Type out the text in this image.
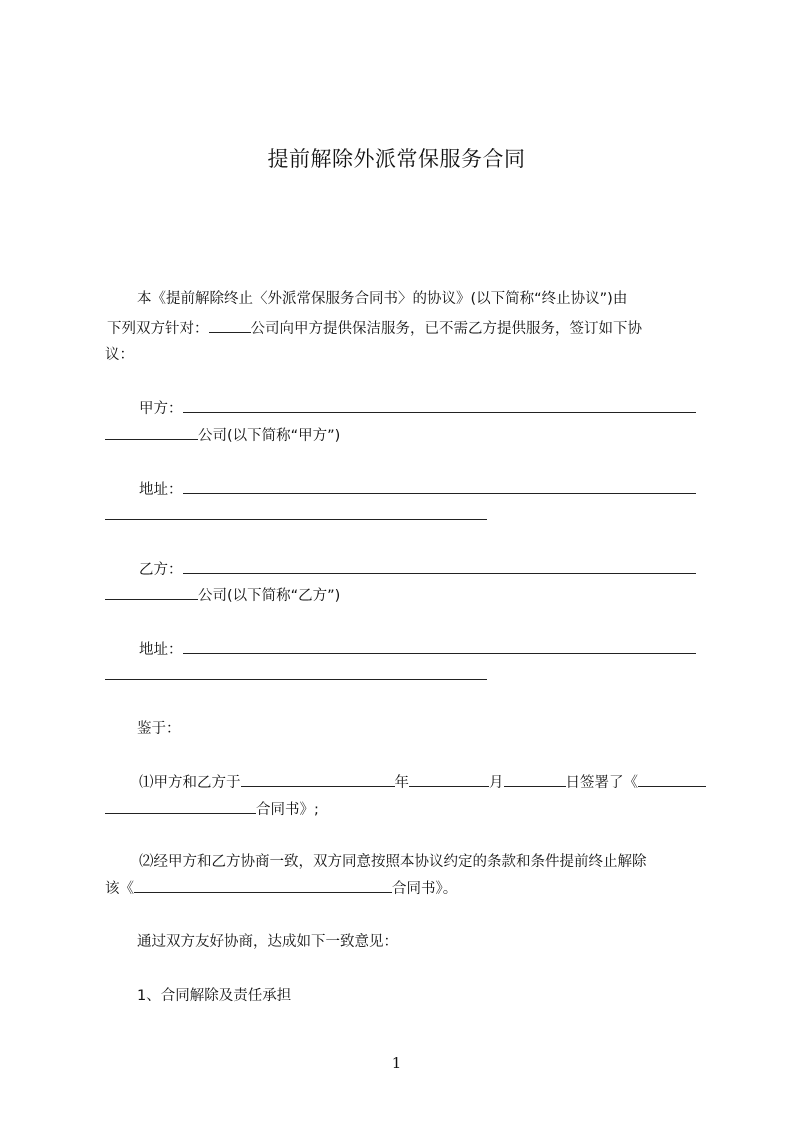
提前解除外派常保服务合同

本《提前解除终止〈外派常保服务合同书〉的协议》(以下简称“终止协议”)由

下列双方针对：	公司向甲方提供保洁服务，已不需乙方提供服务，签订如下协

议：

甲方：

公司(以下简称“甲方”)

地址：

乙方：

公司(以下简称“乙方”)

地址：

鉴于：

⑴甲方和乙方于	年	月	日签署了《

合同书》;

⑵经甲方和乙方协商一致，双方同意按照本协议约定的条款和条件提前终止解除

该《	合同书》。

通过双方友好协商，达成如下一致意见：

1、合同解除及责任承担

1
